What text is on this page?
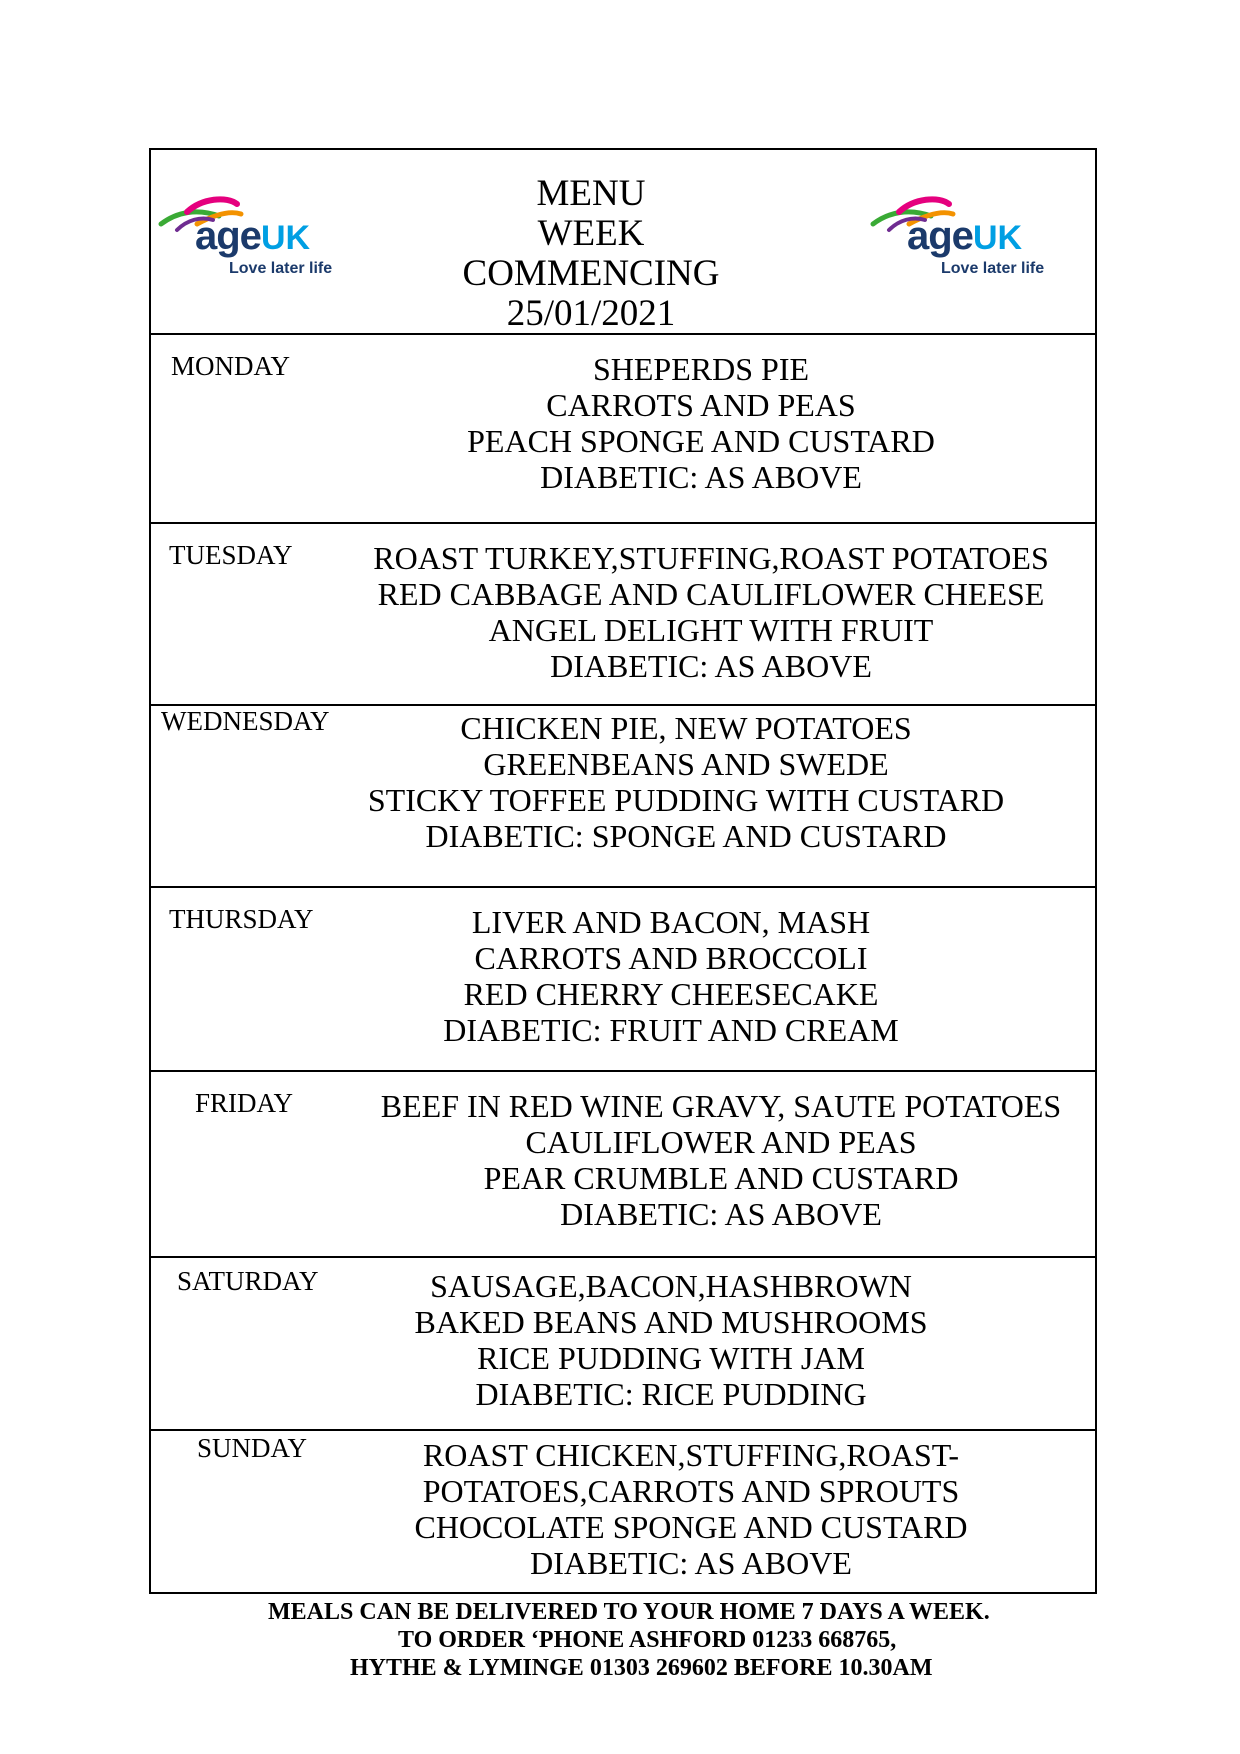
ageUK
Love later life
MENU
WEEK COMMENCING
25/01/2021
ageUK
Love later life
MONDAY	SHEPERDS PIE
CARROTS AND PEAS
PEACH SPONGE AND CUSTARD
DIABETIC: AS ABOVE
TUESDAY	ROAST TURKEY,STUFFING,ROAST POTATOES
RED CABBAGE AND CAULIFLOWER CHEESE
ANGEL DELIGHT WITH FRUIT
DIABETIC: AS ABOVE
WEDNESDAY	CHICKEN PIE, NEW POTATOES
GREENBEANS AND SWEDE
STICKY TOFFEE PUDDING WITH CUSTARD
DIABETIC: SPONGE AND CUSTARD
THURSDAY	LIVER AND BACON, MASH
CARROTS AND BROCCOLI
RED CHERRY CHEESECAKE
DIABETIC: FRUIT AND CREAM
FRIDAY	BEEF IN RED WINE GRAVY, SAUTE POTATOES
CAULIFLOWER AND PEAS
PEAR CRUMBLE AND CUSTARD
DIABETIC: AS ABOVE
SATURDAY	SAUSAGE,BACON,HASHBROWN
BAKED BEANS AND MUSHROOMS
RICE PUDDING WITH JAM
DIABETIC: RICE PUDDING
SUNDAY	ROAST CHICKEN,STUFFING,ROAST-
POTATOES,CARROTS AND SPROUTS
CHOCOLATE SPONGE AND CUSTARD
DIABETIC: AS ABOVE
MEALS CAN BE DELIVERED TO YOUR HOME 7 DAYS A WEEK.
TO ORDER ‘PHONE ASHFORD 01233 668765,
HYTHE & LYMINGE 01303 269602 BEFORE 10.30AM
